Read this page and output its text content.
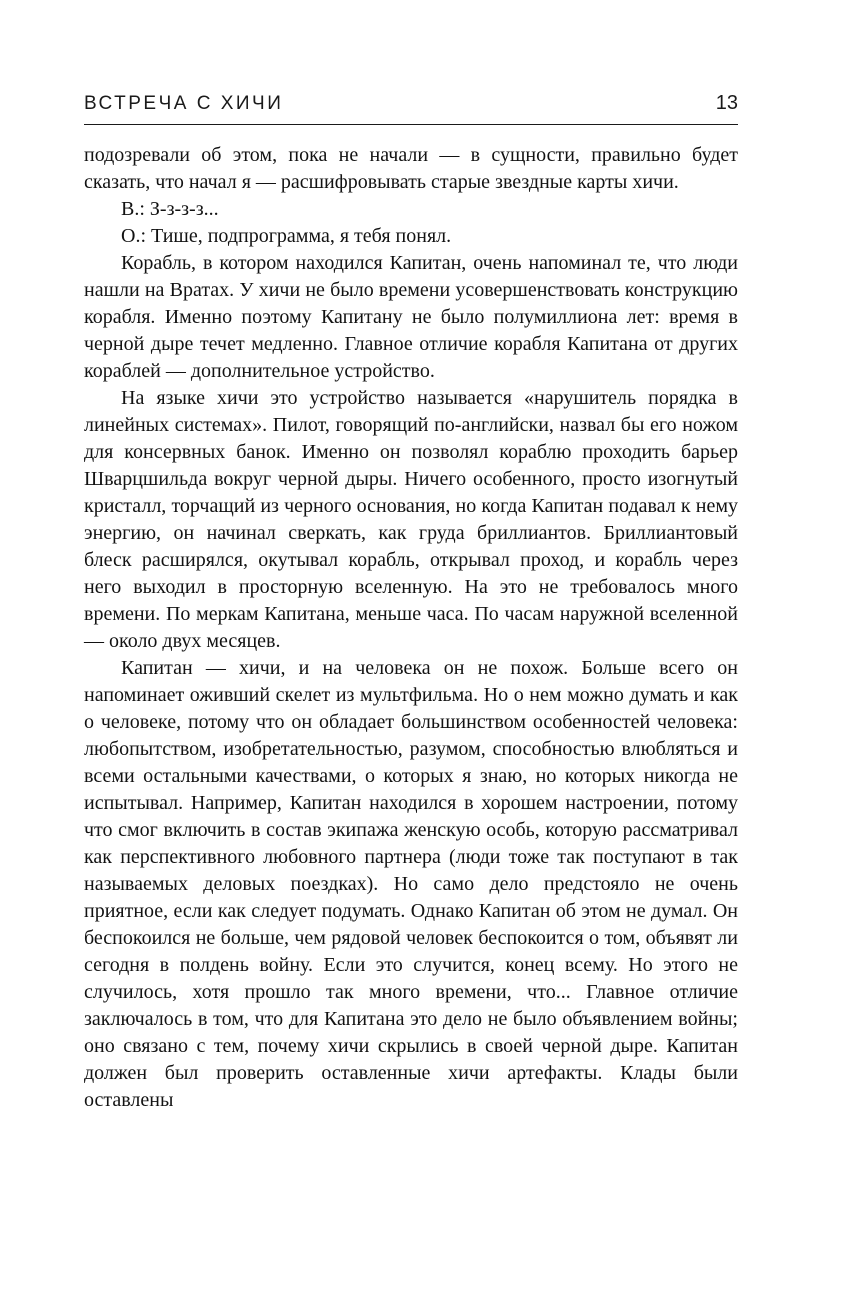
ВСТРЕЧА С ХИЧИ	13

подозревали об этом, пока не начали — в сущности, правильно будет сказать, что начал я — расшифровывать старые звездные карты хичи.

В.: З-з-з-з...

О.: Тише, подпрограмма, я тебя понял.

Корабль, в котором находился Капитан, очень напоминал те, что люди нашли на Вратах. У хичи не было времени усовершенствовать конструкцию корабля. Именно поэтому Капитану не было полумиллиона лет: время в черной дыре течет медленно. Главное отличие корабля Капитана от других кораблей — дополнительное устройство.

На языке хичи это устройство называется «нарушитель порядка в линейных системах». Пилот, говорящий по-английски, назвал бы его ножом для консервных банок. Именно он позволял кораблю проходить барьер Шварцшильда вокруг черной дыры. Ничего особенного, просто изогнутый кристалл, торчащий из черного основания, но когда Капитан подавал к нему энергию, он начинал сверкать, как груда бриллиантов. Бриллиантовый блеск расширялся, окутывал корабль, открывал проход, и корабль через него выходил в просторную вселенную. На это не требовалось много времени. По меркам Капитана, меньше часа. По часам наружной вселенной — около двух месяцев.

Капитан — хичи, и на человека он не похож. Больше всего он напоминает оживший скелет из мультфильма. Но о нем можно думать и как о человеке, потому что он обладает большинством особенностей человека: любопытством, изобретательностью, разумом, способностью влюбляться и всеми остальными качествами, о которых я знаю, но которых никогда не испытывал. Например, Капитан находился в хорошем настроении, потому что смог включить в состав экипажа женскую особь, которую рассматривал как перспективного любовного партнера (люди тоже так поступают в так называемых деловых поездках). Но само дело предстояло не очень приятное, если как следует подумать. Однако Капитан об этом не думал. Он беспокоился не больше, чем рядовой человек беспокоится о том, объявят ли сегодня в полдень войну. Если это случится, конец всему. Но этого не случилось, хотя прошло так много времени, что... Главное отличие заключалось в том, что для Капитана это дело не было объявлением войны; оно связано с тем, почему хичи скрылись в своей черной дыре. Капитан должен был проверить оставленные хичи артефакты. Клады были оставлены
